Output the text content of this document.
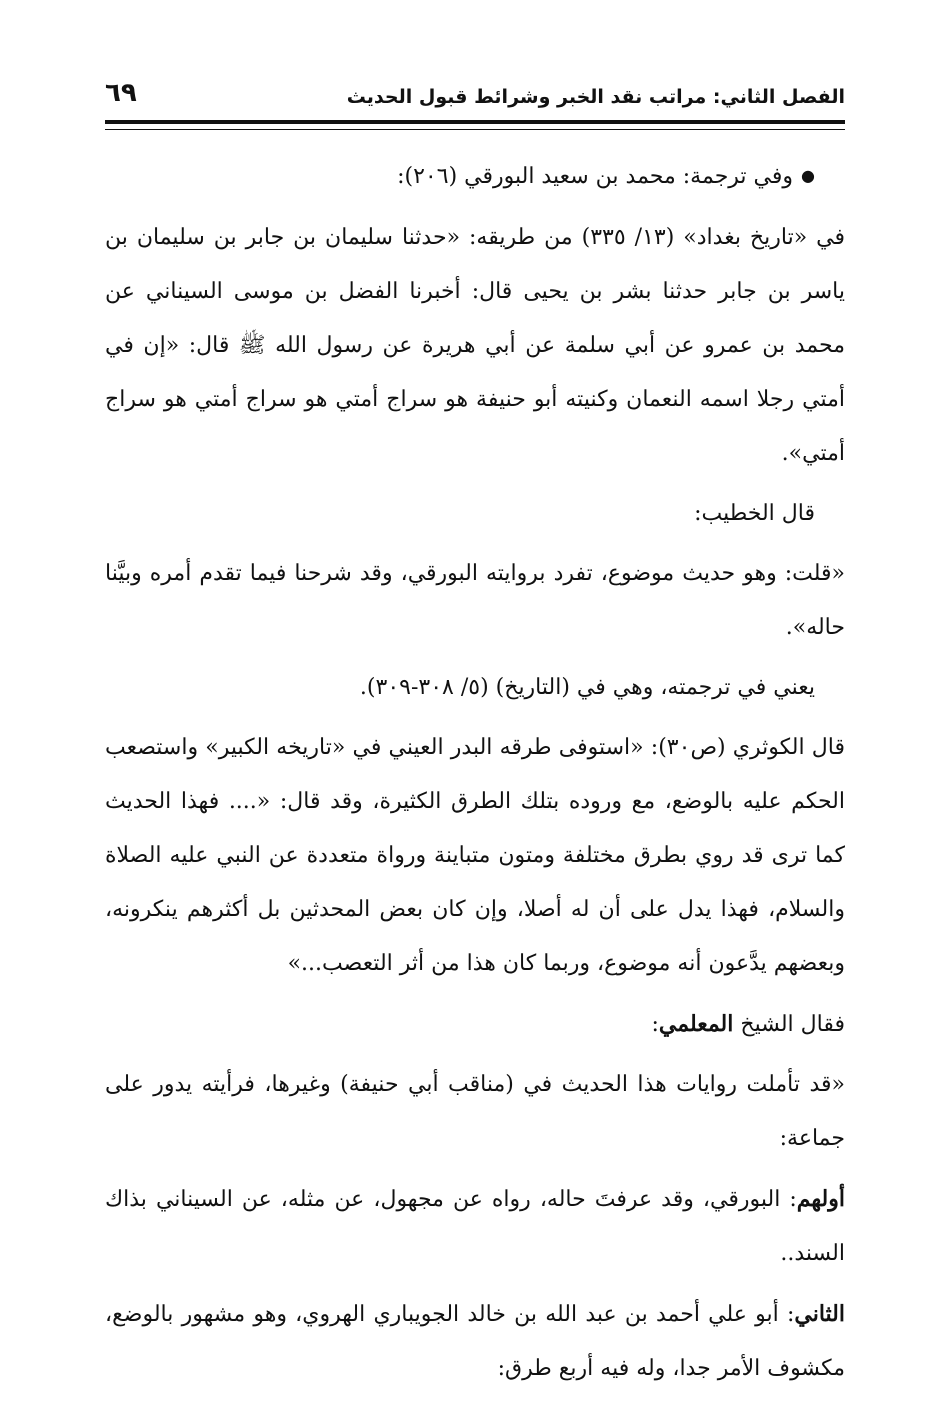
الفصل الثاني: مراتب نقد الخبر وشرائط قبول الحديث
٦٩

● وفي ترجمة: محمد بن سعيد البورقي (٢٠٦):

في «تاريخ بغداد» (١٣/ ٣٣٥) من طريقه: «حدثنا سليمان بن جابر بن سليمان بن ياسر بن جابر حدثنا بشر بن يحيى قال: أخبرنا الفضل بن موسى السيناني عن محمد بن عمرو عن أبي سلمة عن أبي هريرة عن رسول الله ﷺ قال: «إن في أمتي رجلا اسمه النعمان وكنيته أبو حنيفة هو سراج أمتي هو سراج أمتي هو سراج أمتي».

قال الخطيب:

«قلت: وهو حديث موضوع، تفرد بروايته البورقي، وقد شرحنا فيما تقدم أمره وبيَّنا حاله».

يعني في ترجمته، وهي في (التاريخ) (٥/ ٣٠٨-٣٠٩).

قال الكوثري (ص٣٠): «استوفى طرقه البدر العيني في «تاريخه الكبير» واستصعب الحكم عليه بالوضع، مع وروده بتلك الطرق الكثيرة، وقد قال: «.... فهذا الحديث كما ترى قد روي بطرق مختلفة ومتون متباينة ورواة متعددة عن النبي عليه الصلاة والسلام، فهذا يدل على أن له أصلا، وإن كان بعض المحدثين بل أكثرهم ينكرونه، وبعضهم يدَّعون أنه موضوع، وربما كان هذا من أثر التعصب...»

فقال الشيخ المعلمي:

«قد تأملت روايات هذا الحديث في (مناقب أبي حنيفة) وغيرها، فرأيته يدور على جماعة:

أولهم: البورقي، وقد عرفتَ حاله، رواه عن مجهول، عن مثله، عن السيناني بذاك السند..

الثاني: أبو علي أحمد بن عبد الله بن خالد الجويباري الهروي، وهو مشهور بالوضع، مكشوف الأمر جدا، وله فيه أربع طرق:
